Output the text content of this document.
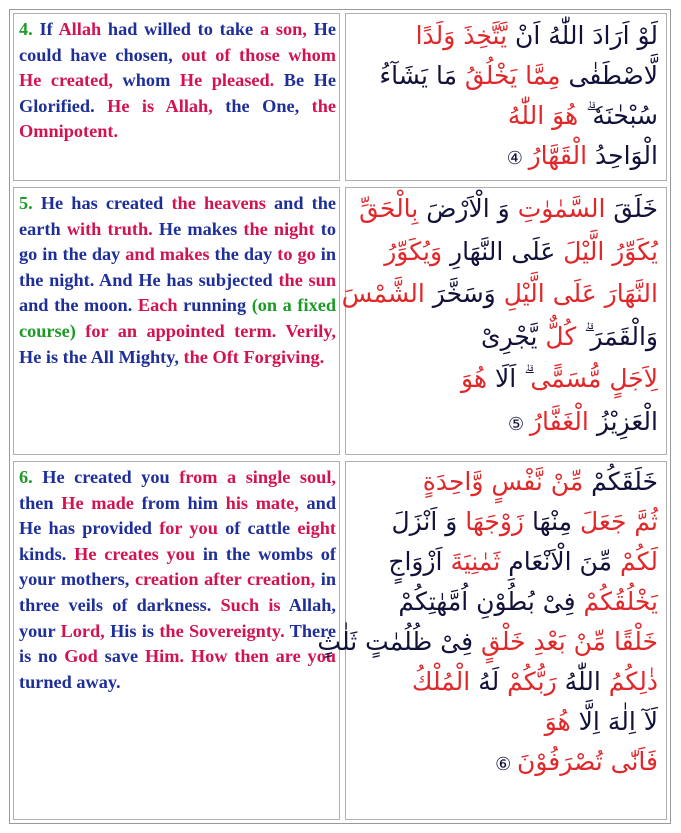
4. If Allah had willed to take a son, He could have chosen, out of those whom He created, whom He pleased. Be He Glorified. He is Allah, the One, the Omnipotent.

لَوْ اَرَادَ اللّٰهُ اَنْ يَّتَّخِذَ وَلَدًا
لَّاصْطَفٰى مِمَّا يَخْلُقُ مَا يَشَآءُ
سُبْحٰنَهٗ ۗ هُوَ اللّٰهُ
الْوَاحِدُ الْقَهَّارُ ④

5. He has created the heavens and the earth with truth. He makes the night to go in the day and makes the day to go in the night. And He has subjected the sun and the moon. Each running (on a fixed course) for an appointed term. Verily, He is the All Mighty, the Oft Forgiving.

خَلَقَ السَّمٰوٰتِ وَ الْاَرْضَ بِالْحَقِّ
يُكَوِّرُ الَّيْلَ عَلَى النَّهَارِ وَيُكَوِّرُ
النَّهَارَ عَلَى الَّيْلِ وَسَخَّرَ الشَّمْسَ
وَالْقَمَرَ ۗ كُلٌّ يَّجْرِیْ
لِاَجَلٍ مُّسَمًّى ۗ اَلَا هُوَ
الْعَزِيْزُ الْغَفَّارُ ⑤

6. He created you from a single soul, then He made from him his mate, and He has provided for you of cattle eight kinds. He creates you in the wombs of your mothers, creation after creation, in three veils of darkness. Such is Allah, your Lord, His is the Sovereignty. There is no God save Him. How then are you turned away.

خَلَقَكُمْ مِّنْ نَّفْسٍ وَّاحِدَةٍ
ثُمَّ جَعَلَ مِنْهَا زَوْجَهَا وَ اَنْزَلَ
لَكُمْ مِّنَ الْاَنْعَامِ ثَمٰنِيَةَ اَزْوَاجٍ
يَخْلُقُكُمْ فِیْ بُطُوْنِ اُمَّهٰتِكُمْ
خَلْقًا مِّنْ بَعْدِ خَلْقٍ فِیْ ظُلُمٰتٍ ثَلٰثٍ
ذٰلِكُمُ اللّٰهُ رَبُّكُمْ لَهُ الْمُلْكُ
لَآ اِلٰهَ اِلَّا هُوَ
فَاَنّٰى تُصْرَفُوْنَ ⑥
